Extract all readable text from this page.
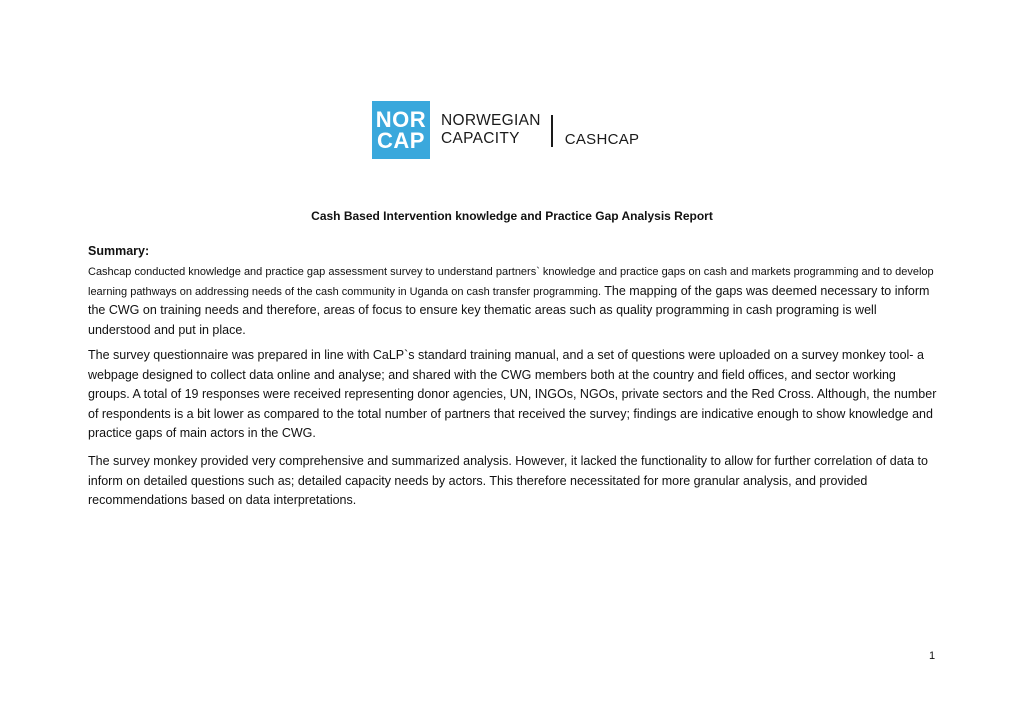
NOR
CAP
NORWEGIAN
CAPACITY	CASHCAP
Cash Based Intervention knowledge and Practice Gap Analysis Report
Summary:

Cashcap conducted knowledge and practice gap assessment survey to understand partners` knowledge and practice gaps on cash and markets programming and to develop learning pathways on addressing needs of the cash community in Uganda on cash transfer programming. The mapping of the gaps was deemed necessary to inform the CWG on training needs and therefore, areas of focus to ensure key thematic areas such as quality programming in cash programing is well understood and put in place.

The survey questionnaire was prepared in line with CaLP`s standard training manual, and a set of questions were uploaded on a survey monkey tool- a webpage designed to collect data online and analyse; and shared with the CWG members both at the country and field offices, and sector working groups. A total of 19 responses were received representing donor agencies, UN, INGOs, NGOs, private sectors and the Red Cross. Although, the number of respondents is a bit lower as compared to the total number of partners that received the survey; findings are indicative enough to show knowledge and practice gaps of main actors in the CWG.

The survey monkey provided very comprehensive and summarized analysis. However, it lacked the functionality to allow for further correlation of data to inform on detailed questions such as; detailed capacity needs by actors. This therefore necessitated for more granular analysis, and provided recommendations based on data interpretations.

1
